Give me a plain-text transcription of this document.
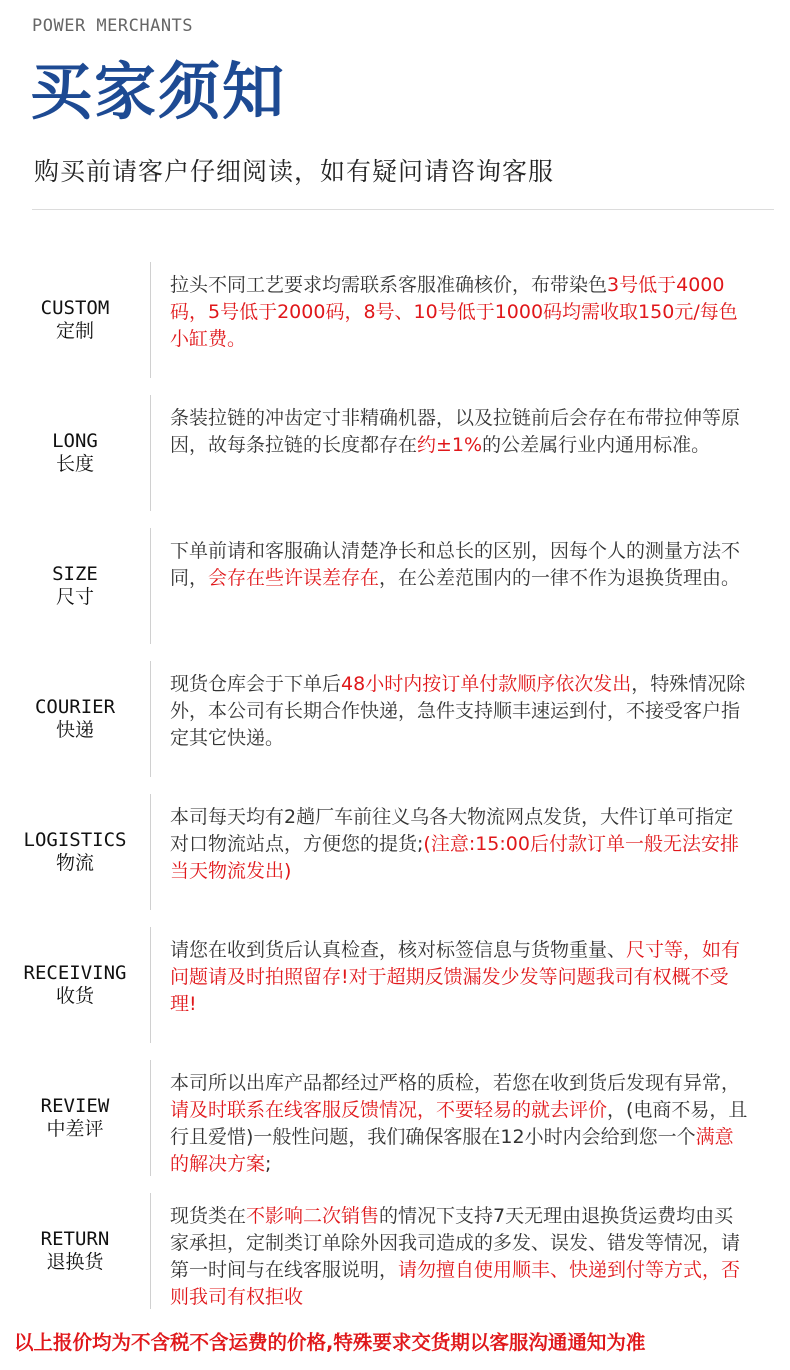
POWER MERCHANTS
买家须知
购买前请客户仔细阅读，如有疑问请咨询客服
CUSTOM
定制
拉头不同工艺要求均需联系客服准确核价，布带染色3号低于4000码，5号低于2000码，8号、10号低于1000码均需收取150元/每色小缸费。
LONG
长度
条装拉链的冲齿定寸非精确机器，以及拉链前后会存在布带拉伸等原因，故每条拉链的长度都存在约±1%的公差属行业内通用标准。
SIZE
尺寸
下单前请和客服确认清楚净长和总长的区别，因每个人的测量方法不同，会存在些许误差存在，在公差范围内的一律不作为退换货理由。
COURIER
快递
现货仓库会于下单后48小时内按订单付款顺序依次发出，特殊情况除外，本公司有长期合作快递，急件支持顺丰速运到付，不接受客户指定其它快递。
LOGISTICS
物流
本司每天均有2趟厂车前往义乌各大物流网点发货，大件订单可指定对口物流站点，方便您的提货;(注意:15:00后付款订单一般无法安排当天物流发出)
RECEIVING
收货
请您在收到货后认真检查，核对标签信息与货物重量、尺寸等，如有问题请及时拍照留存!对于超期反馈漏发少发等问题我司有权概不受理!
REVIEW
中差评
本司所以出库产品都经过严格的质检，若您在收到货后发现有异常，请及时联系在线客服反馈情况，不要轻易的就去评价，(电商不易，且行且爱惜)一般性问题，我们确保客服在12小时内会给到您一个满意的解决方案;
RETURN
退换货
现货类在不影响二次销售的情况下支持7天无理由退换货运费均由买家承担，定制类订单除外因我司造成的多发、误发、错发等情况，请第一时间与在线客服说明，请勿擅自使用顺丰、快递到付等方式，否则我司有权拒收
以上报价均为不含税不含运费的价格,特殊要求交货期以客服沟通通知为准
